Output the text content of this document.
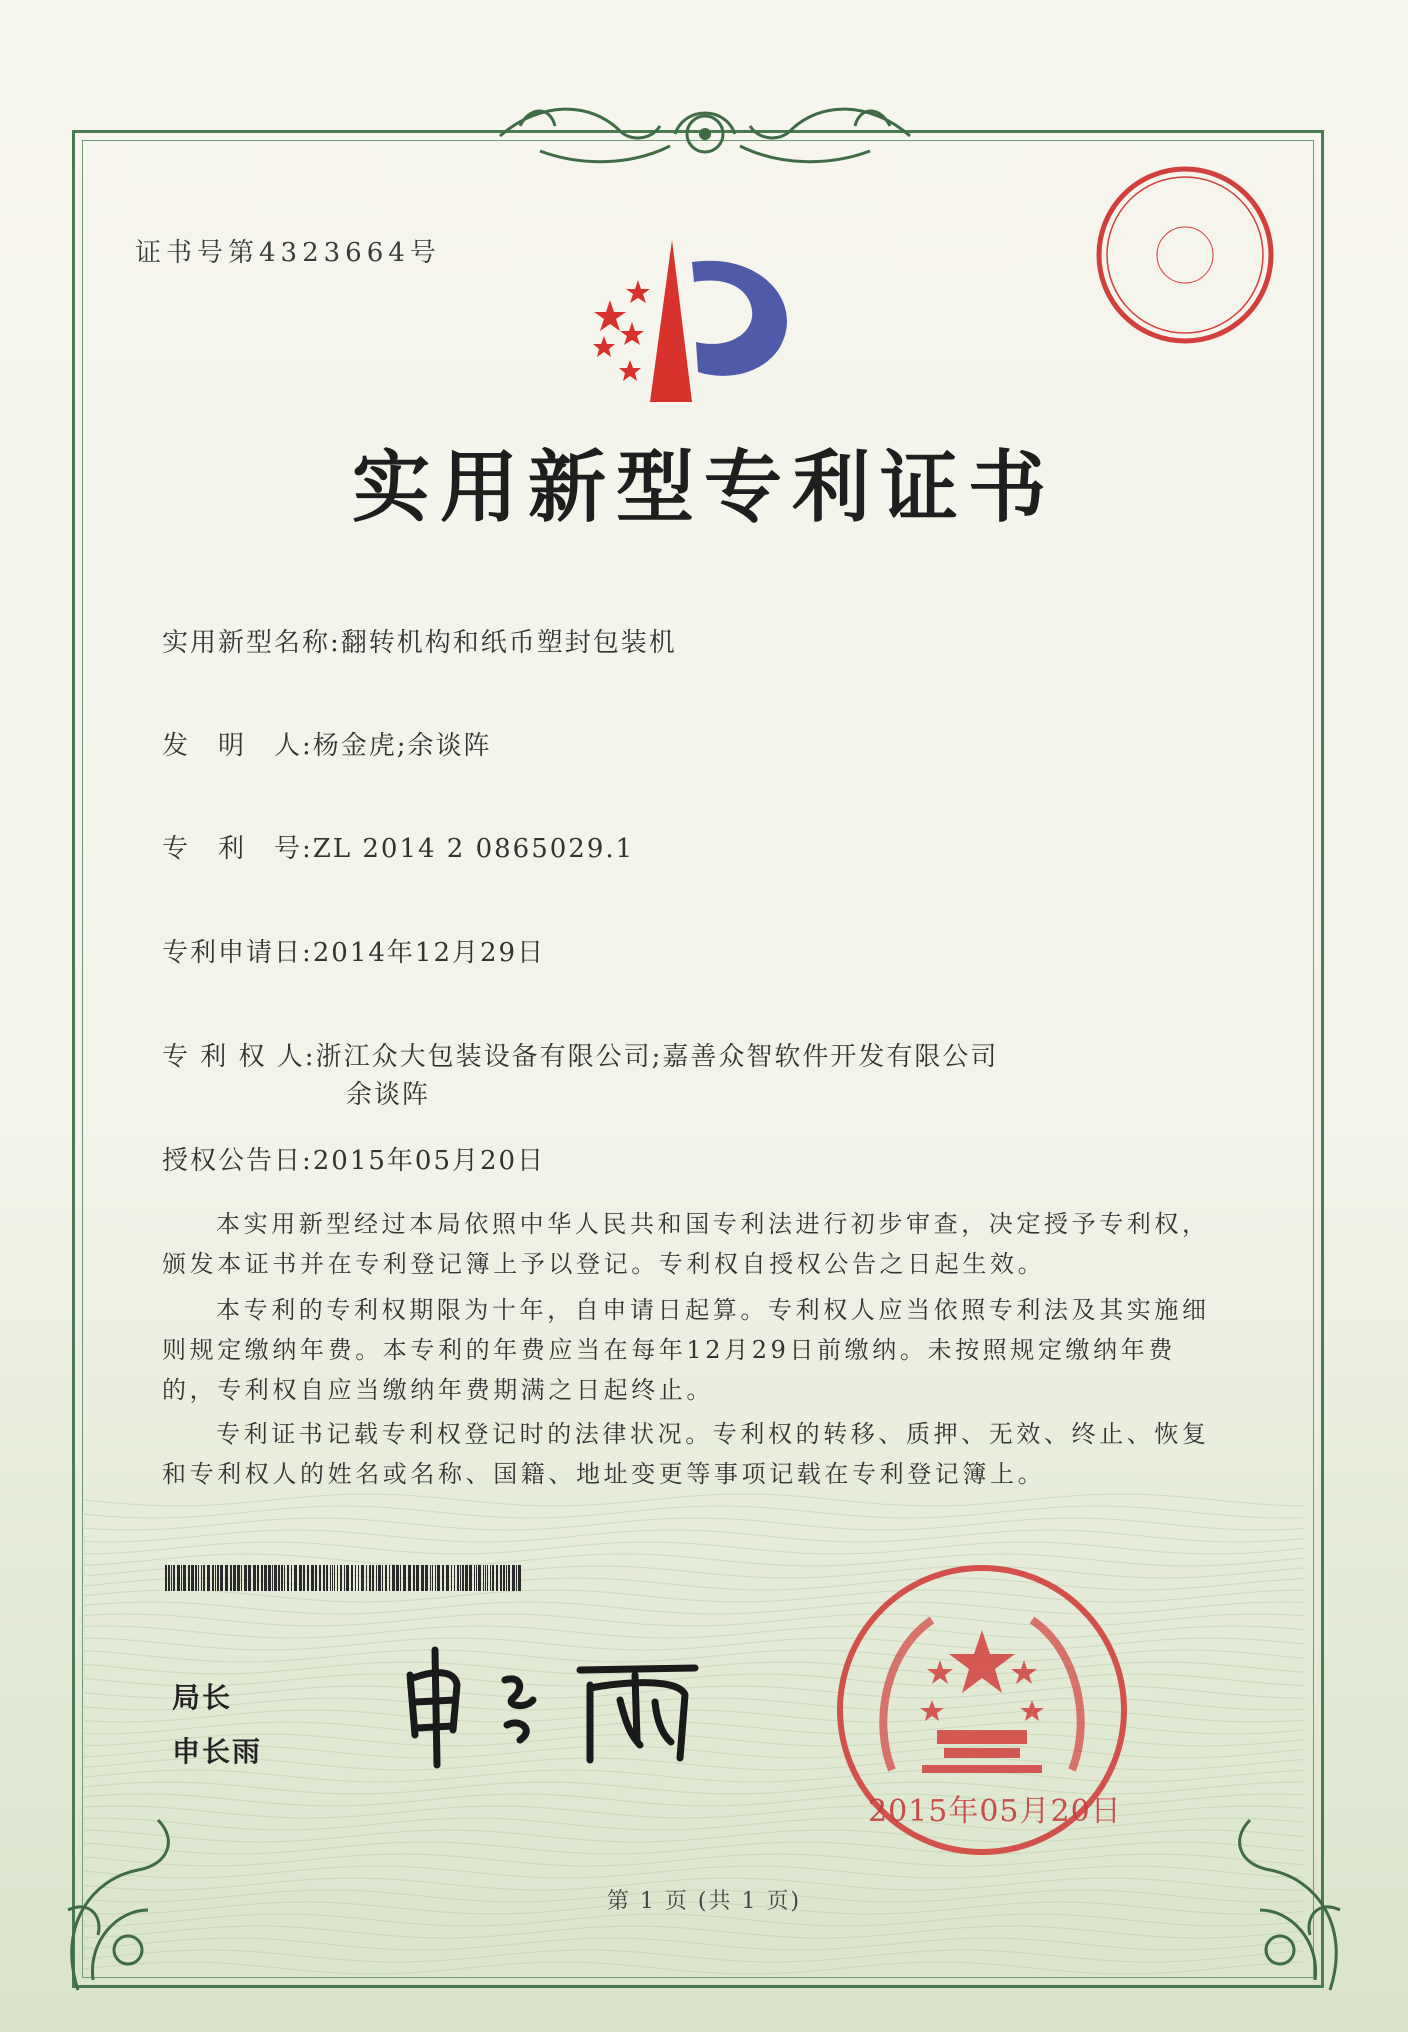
证书号第4323664号
实用新型专利证书
实用新型名称:翻转机构和纸币塑封包装机
发　明　人:杨金虎;余谈阵
专　利　号:ZL 2014 2 0865029.1
专利申请日:2014年12月29日
专 利 权 人:浙江众大包装设备有限公司;嘉善众智软件开发有限公司
余谈阵
授权公告日:2015年05月20日

本实用新型经过本局依照中华人民共和国专利法进行初步审查，决定授予专利权，颁发本证书并在专利登记簿上予以登记。专利权自授权公告之日起生效。

本专利的专利权期限为十年，自申请日起算。专利权人应当依照专利法及其实施细则规定缴纳年费。本专利的年费应当在每年12月29日前缴纳。未按照规定缴纳年费的，专利权自应当缴纳年费期满之日起终止。

专利证书记载专利权登记时的法律状况。专利权的转移、质押、无效、终止、恢复和专利权人的姓名或名称、国籍、地址变更等事项记载在专利登记簿上。

局长
申长雨
第 1 页 (共 1 页)
2015年05月20日
